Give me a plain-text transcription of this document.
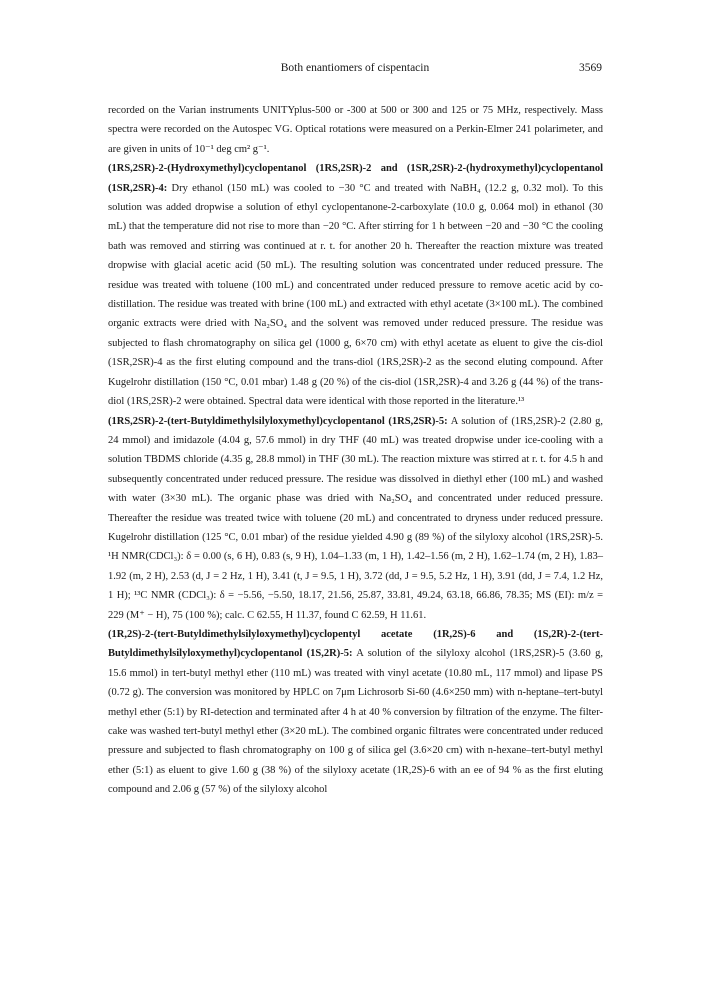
Both enantiomers of cispentacin	3569

recorded on the Varian instruments UNITYplus-500 or -300 at 500 or 300 and 125 or 75 MHz, respectively. Mass spectra were recorded on the Autospec VG. Optical rotations were measured on a Perkin-Elmer 241 polarimeter, and are given in units of 10⁻¹ deg cm² g⁻¹.

(1RS,2SR)-2-(Hydroxymethyl)cyclopentanol (1RS,2SR)-2 and (1SR,2SR)-2-(hydroxymethyl)cyclopentanol (1SR,2SR)-4: Dry ethanol (150 mL) was cooled to −30 °C and treated with NaBH₄ (12.2 g, 0.32 mol). To this solution was added dropwise a solution of ethyl cyclopentanone-2-carboxylate (10.0 g, 0.064 mol) in ethanol (30 mL) that the temperature did not rise to more than −20 °C. After stirring for 1 h between −20 and −30 °C the cooling bath was removed and stirring was continued at r. t. for another 20 h. Thereafter the reaction mixture was treated dropwise with glacial acetic acid (50 mL). The resulting solution was concentrated under reduced pressure. The residue was treated with toluene (100 mL) and concentrated under reduced pressure to remove acetic acid by co-distillation. The residue was treated with brine (100 mL) and extracted with ethyl acetate (3×100 mL). The combined organic extracts were dried with Na₂SO₄ and the solvent was removed under reduced pressure. The residue was subjected to flash chromatography on silica gel (1000 g, 6×70 cm) with ethyl acetate as eluent to give the cis-diol (1SR,2SR)-4 as the first eluting compound and the trans-diol (1RS,2SR)-2 as the second eluting compound. After Kugelrohr distillation (150 °C, 0.01 mbar) 1.48 g (20 %) of the cis-diol (1SR,2SR)-4 and 3.26 g (44 %) of the trans-diol (1RS,2SR)-2 were obtained. Spectral data were identical with those reported in the literature.¹³

(1RS,2SR)-2-(tert-Butyldimethylsilyloxymethyl)cyclopentanol (1RS,2SR)-5: A solution of (1RS,2SR)-2 (2.80 g, 24 mmol) and imidazole (4.04 g, 57.6 mmol) in dry THF (40 mL) was treated dropwise under ice-cooling with a solution TBDMS chloride (4.35 g, 28.8 mmol) in THF (30 mL). The reaction mixture was stirred at r. t. for 4.5 h and subsequently concentrated under reduced pressure. The residue was dissolved in diethyl ether (100 mL) and washed with water (3×30 mL). The organic phase was dried with Na₂SO₄ and concentrated under reduced pressure. Thereafter the residue was treated twice with toluene (20 mL) and concentrated to dryness under reduced pressure. Kugelrohr distillation (125 °C, 0.01 mbar) of the residue yielded 4.90 g (89 %) of the silyloxy alcohol (1RS,2SR)-5. ¹H NMR(CDCl₃): δ = 0.00 (s, 6 H), 0.83 (s, 9 H), 1.04–1.33 (m, 1 H), 1.42–1.56 (m, 2 H), 1.62–1.74 (m, 2 H), 1.83–1.92 (m, 2 H), 2.53 (d, J = 2 Hz, 1 H), 3.41 (t, J = 9.5, 1 H), 3.72 (dd, J = 9.5, 5.2 Hz, 1 H), 3.91 (dd, J = 7.4, 1.2 Hz, 1 H); ¹³C NMR (CDCl₃): δ = −5.56, −5.50, 18.17, 21.56, 25.87, 33.81, 49.24, 63.18, 66.86, 78.35; MS (EI): m/z = 229 (M⁺ − H), 75 (100 %); calc. C 62.55, H 11.37, found C 62.59, H 11.61.

(1R,2S)-2-(tert-Butyldimethylsilyloxymethyl)cyclopentyl acetate (1R,2S)-6 and (1S,2R)-2-(tert-Butyldimethylsilyloxymethyl)cyclopentanol (1S,2R)-5: A solution of the silyloxy alcohol (1RS,2SR)-5 (3.60 g, 15.6 mmol) in tert-butyl methyl ether (110 mL) was treated with vinyl acetate (10.80 mL, 117 mmol) and lipase PS (0.72 g). The conversion was monitored by HPLC on 7μm Lichrosorb Si-60 (4.6×250 mm) with n-heptane–tert-butyl methyl ether (5:1) by RI-detection and terminated after 4 h at 40 % conversion by filtration of the enzyme. The filter-cake was washed tert-butyl methyl ether (3×20 mL). The combined organic filtrates were concentrated under reduced pressure and subjected to flash chromatography on 100 g of silica gel (3.6×20 cm) with n-hexane–tert-butyl methyl ether (5:1) as eluent to give 1.60 g (38 %) of the silyloxy acetate (1R,2S)-6 with an ee of 94 % as the first eluting compound and 2.06 g (57 %) of the silyloxy alcohol
